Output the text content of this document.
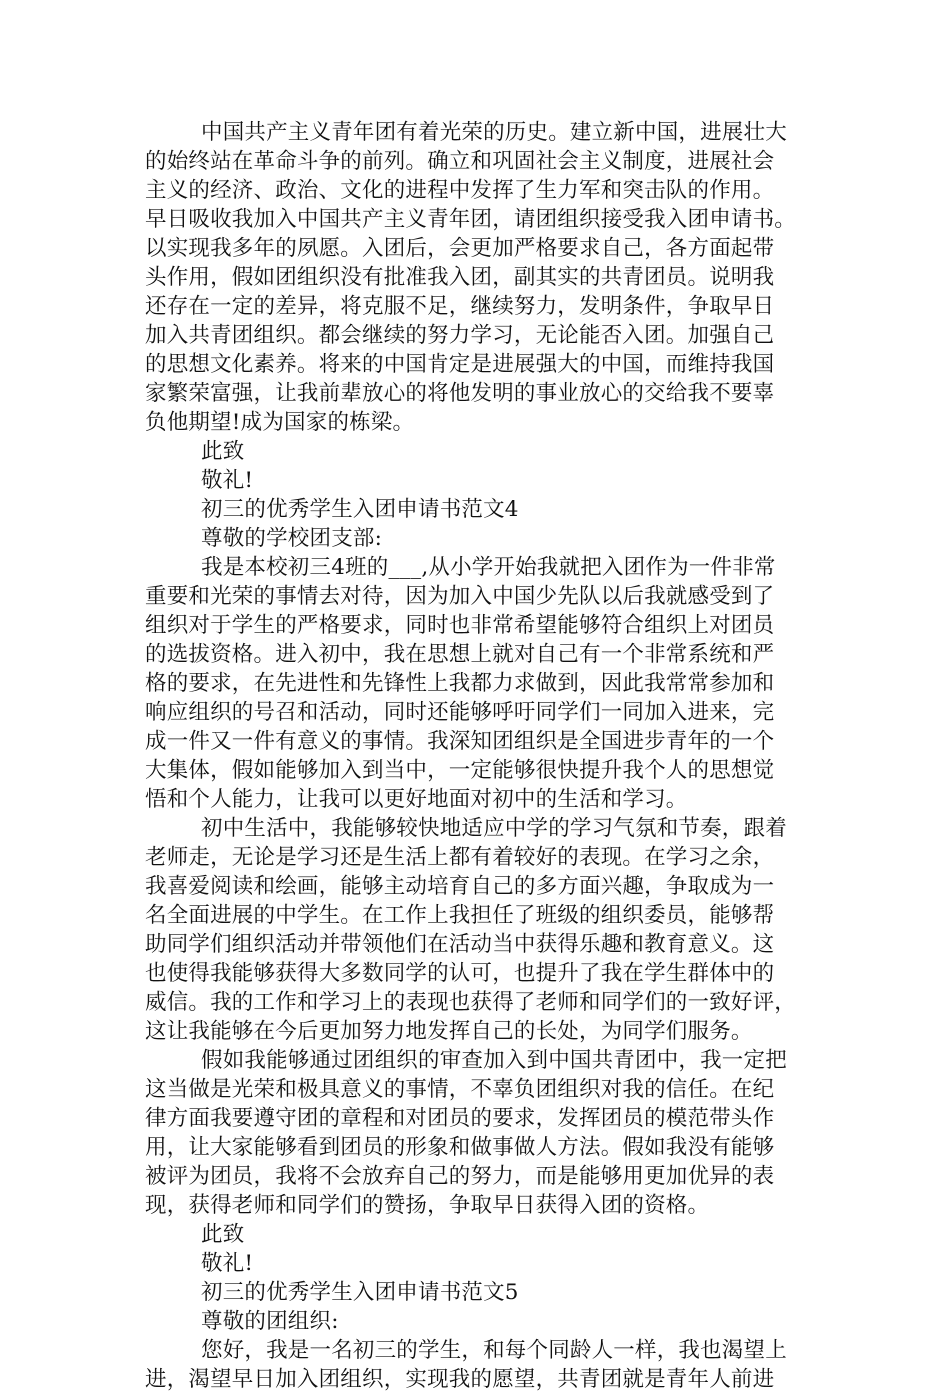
中国共产主义青年团有着光荣的历史。建立新中国，进展壮大
的始终站在革命斗争的前列。确立和巩固社会主义制度，进展社会
主义的经济、政治、文化的进程中发挥了生力军和突击队的作用。
早日吸收我加入中国共产主义青年团，请团组织接受我入团申请书。
以实现我多年的夙愿。入团后，会更加严格要求自己，各方面起带
头作用，假如团组织没有批准我入团，副其实的共青团员。说明我
还存在一定的差异，将克服不足，继续努力，发明条件，争取早日
加入共青团组织。都会继续的努力学习，无论能否入团。加强自己
的思想文化素养。将来的中国肯定是进展强大的中国，而维持我国
家繁荣富强，让我前辈放心的将他发明的事业放心的交给我不要辜
负他期望!成为国家的栋梁。
此致
敬礼!
初三的优秀学生入团申请书范文4
尊敬的学校团支部:
我是本校初三4班的___,从小学开始我就把入团作为一件非常
重要和光荣的事情去对待，因为加入中国少先队以后我就感受到了
组织对于学生的严格要求，同时也非常希望能够符合组织上对团员
的选拔资格。进入初中，我在思想上就对自己有一个非常系统和严
格的要求，在先进性和先锋性上我都力求做到，因此我常常参加和
响应组织的号召和活动，同时还能够呼吁同学们一同加入进来，完
成一件又一件有意义的事情。我深知团组织是全国进步青年的一个
大集体，假如能够加入到当中，一定能够很快提升我个人的思想觉
悟和个人能力，让我可以更好地面对初中的生活和学习。
初中生活中，我能够较快地适应中学的学习气氛和节奏，跟着
老师走，无论是学习还是生活上都有着较好的表现。在学习之余，
我喜爱阅读和绘画，能够主动培育自己的多方面兴趣，争取成为一
名全面进展的中学生。在工作上我担任了班级的组织委员，能够帮
助同学们组织活动并带领他们在活动当中获得乐趣和教育意义。这
也使得我能够获得大多数同学的认可，也提升了我在学生群体中的
威信。我的工作和学习上的表现也获得了老师和同学们的一致好评，
这让我能够在今后更加努力地发挥自己的长处，为同学们服务。
假如我能够通过团组织的审查加入到中国共青团中，我一定把
这当做是光荣和极具意义的事情，不辜负团组织对我的信任。在纪
律方面我要遵守团的章程和对团员的要求，发挥团员的模范带头作
用，让大家能够看到团员的形象和做事做人方法。假如我没有能够
被评为团员，我将不会放弃自己的努力，而是能够用更加优异的表
现，获得老师和同学们的赞扬，争取早日获得入团的资格。
此致
敬礼!
初三的优秀学生入团申请书范文5
尊敬的团组织:
您好，我是一名初三的学生，和每个同龄人一样，我也渴望上
进，渴望早日加入团组织，实现我的愿望，共青团就是青年人前进
